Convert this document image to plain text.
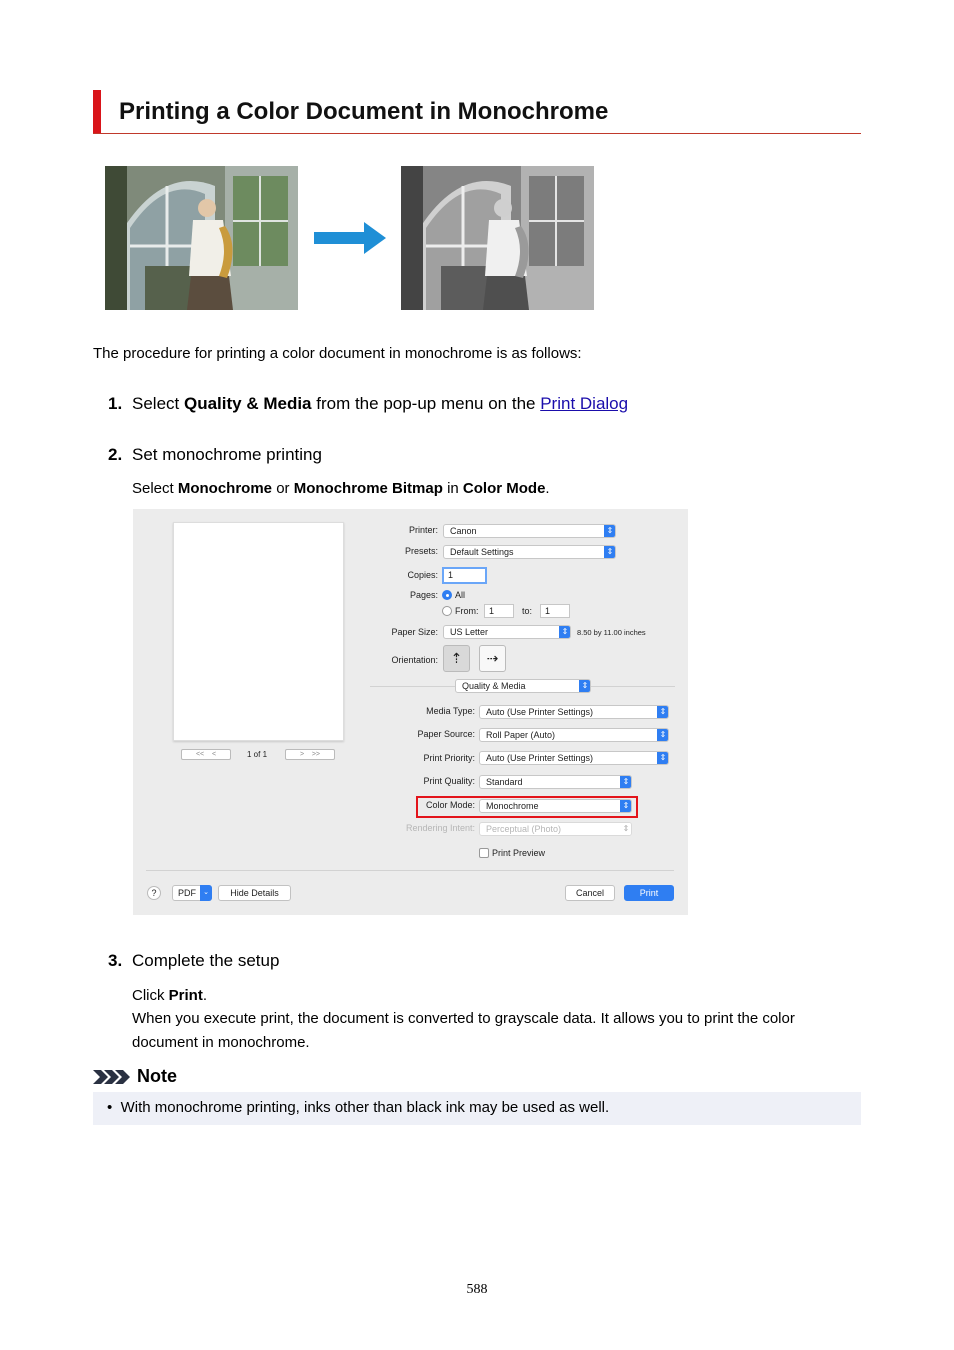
Printing a Color Document in Monochrome
The procedure for printing a color document in monochrome is as follows:
1. Select Quality & Media from the pop-up menu on the Print Dialog
2. Set monochrome printing
Select Monochrome or Monochrome Bitmap in Color Mode.
<< <	1 of 1	> >>
Printer:	Canon	⇕
Presets:	Default Settings	⇕
Copies:	1
Pages: All
From:	1	to:	1
Paper Size:	US Letter	⇕	8.50 by 11.00 inches
Orientation: ⇡	⇢
Quality & Media	⇕
Media Type:	Auto (Use Printer Settings)	⇕
Paper Source:	Roll Paper (Auto)	⇕
Print Priority:	Auto (Use Printer Settings)	⇕
Print Quality:	Standard	⇕
Color Mode:	Monochrome	⇕
Rendering Intent:	Perceptual (Photo)	⇕
Print Preview
?	PDF	⌄	Hide Details	Cancel	Print
3. Complete the setup
Click Print.
When you execute print, the document is converted to grayscale data. It allows you to print the color
document in monochrome.
Note
•  With monochrome printing, inks other than black ink may be used as well.
588
